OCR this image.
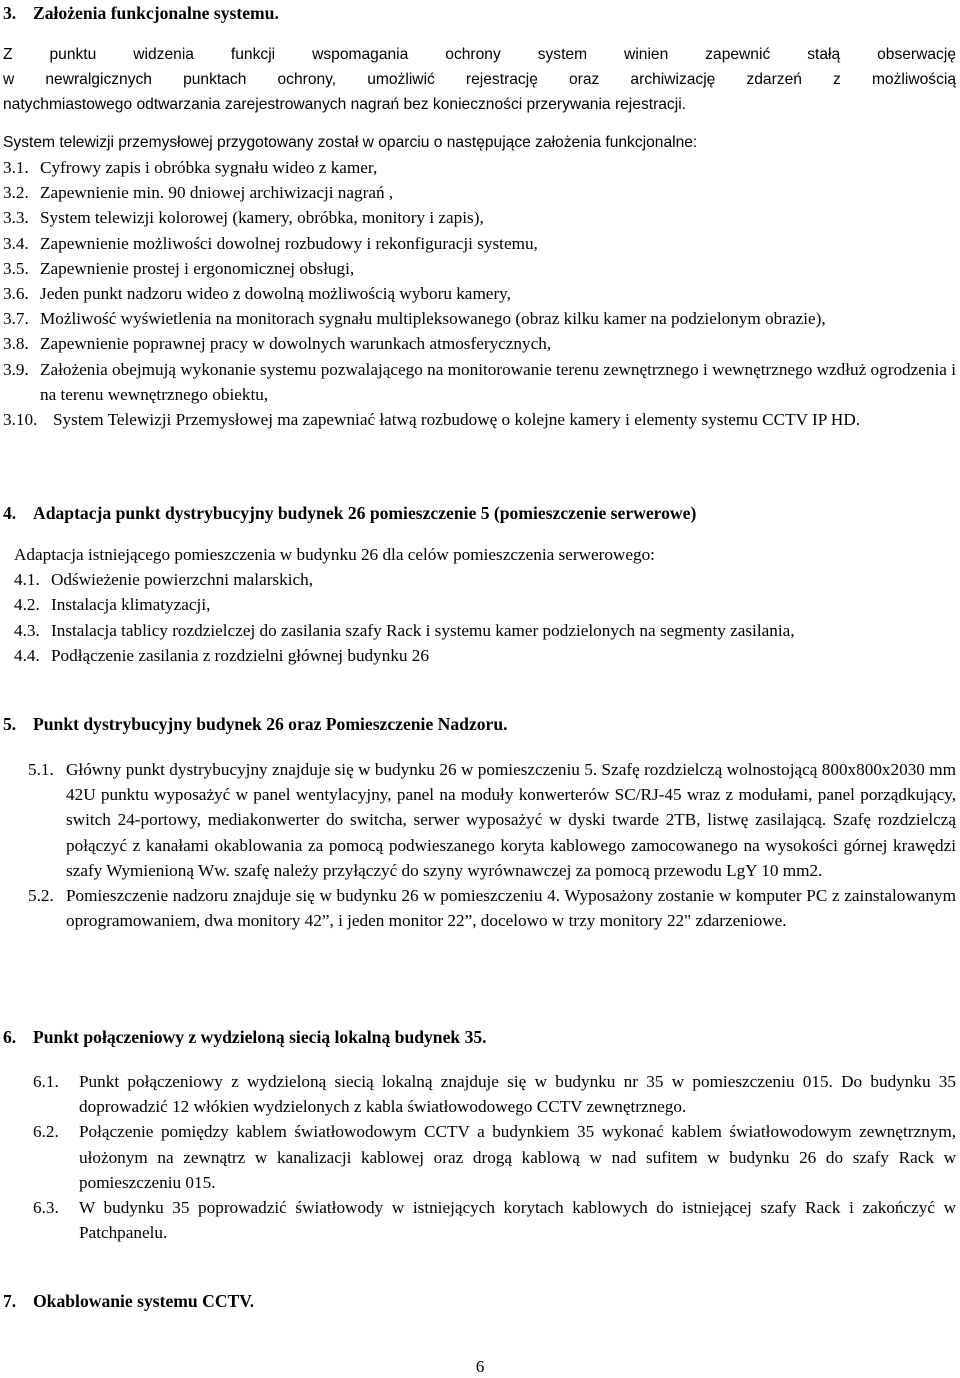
3. Założenia funkcjonalne systemu.

Z punktu widzenia funkcji wspomagania ochrony system winien zapewnić stałą obserwację

w newralgicznych punktach ochrony, umożliwić rejestrację oraz archiwizację zdarzeń z możliwością

natychmiastowego odtwarzania zarejestrowanych nagrań bez konieczności przerywania rejestracji.

System telewizji przemysłowej przygotowany został w oparciu o następujące założenia funkcjonalne:

3.1. Cyfrowy zapis i obróbka sygnału wideo z kamer,
3.2. Zapewnienie min. 90 dniowej archiwizacji nagrań ,
3.3. System telewizji kolorowej (kamery, obróbka, monitory i zapis),
3.4. Zapewnienie możliwości dowolnej rozbudowy i rekonfiguracji systemu,
3.5. Zapewnienie prostej i ergonomicznej obsługi,
3.6. Jeden punkt nadzoru wideo z dowolną możliwością wyboru kamery,
3.7. Możliwość wyświetlenia na monitorach sygnału multipleksowanego (obraz kilku kamer na podzielonym obrazie),
3.8. Zapewnienie poprawnej pracy w dowolnych warunkach atmosferycznych,
3.9. Założenia obejmują wykonanie systemu pozwalającego na monitorowanie terenu zewnętrznego i wewnętrznego wzdłuż ogrodzenia i na terenu wewnętrznego obiektu,
3.10. System Telewizji Przemysłowej ma zapewniać łatwą rozbudowę o kolejne kamery i elementy systemu CCTV IP HD.
4. Adaptacja punkt dystrybucyjny budynek 26 pomieszczenie 5 (pomieszczenie serwerowe)

Adaptacja istniejącego pomieszczenia w budynku 26 dla celów pomieszczenia serwerowego:

4.1. Odświeżenie powierzchni malarskich,
4.2. Instalacja klimatyzacji,
4.3. Instalacja tablicy rozdzielczej do zasilania szafy Rack i systemu kamer podzielonych na segmenty zasilania,
4.4. Podłączenie zasilania z rozdzielni głównej budynku 26
5. Punkt dystrybucyjny budynek 26 oraz Pomieszczenie Nadzoru.
5.1. Główny punkt dystrybucyjny znajduje się w budynku 26 w pomieszczeniu 5. Szafę rozdzielczą wolnostojącą 800x800x2030 mm 42U punktu wyposażyć w panel wentylacyjny, panel na moduły konwerterów SC/RJ-45 wraz z modułami, panel porządkujący, switch 24-portowy, mediakonwerter do switcha, serwer wyposażyć w dyski twarde 2TB, listwę zasilającą. Szafę rozdzielczą połączyć z kanałami okablowania za pomocą podwieszanego koryta kablowego zamocowanego na wysokości górnej krawędzi szafy Wymienioną Ww. szafę należy przyłączyć do szyny wyrównawczej za pomocą przewodu LgY 10 mm2.
5.2. Pomieszczenie nadzoru znajduje się w budynku 26 w pomieszczeniu 4. Wyposażony zostanie w komputer PC z zainstalowanym oprogramowaniem, dwa monitory 42”, i jeden monitor 22”, docelowo w trzy monitory 22" zdarzeniowe.
6. Punkt połączeniowy z wydzieloną siecią lokalną budynek 35.
6.1.	Punkt połączeniowy z wydzieloną siecią lokalną znajduje się w budynku nr 35 w pomieszczeniu 015. Do budynku 35 doprowadzić 12 włókien wydzielonych z kabla światłowodowego CCTV zewnętrznego.
6.2.	Połączenie pomiędzy kablem światłowodowym CCTV a budynkiem 35 wykonać kablem światłowodowym zewnętrznym, ułożonym na zewnątrz w kanalizacji kablowej oraz drogą kablową w nad sufitem w budynku 26 do szafy Rack w pomieszczeniu 015.
6.3.	W budynku 35 poprowadzić światłowody w istniejących korytach kablowych do istniejącej szafy Rack i zakończyć w Patchpanelu.
7. Okablowanie systemu CCTV.
6
